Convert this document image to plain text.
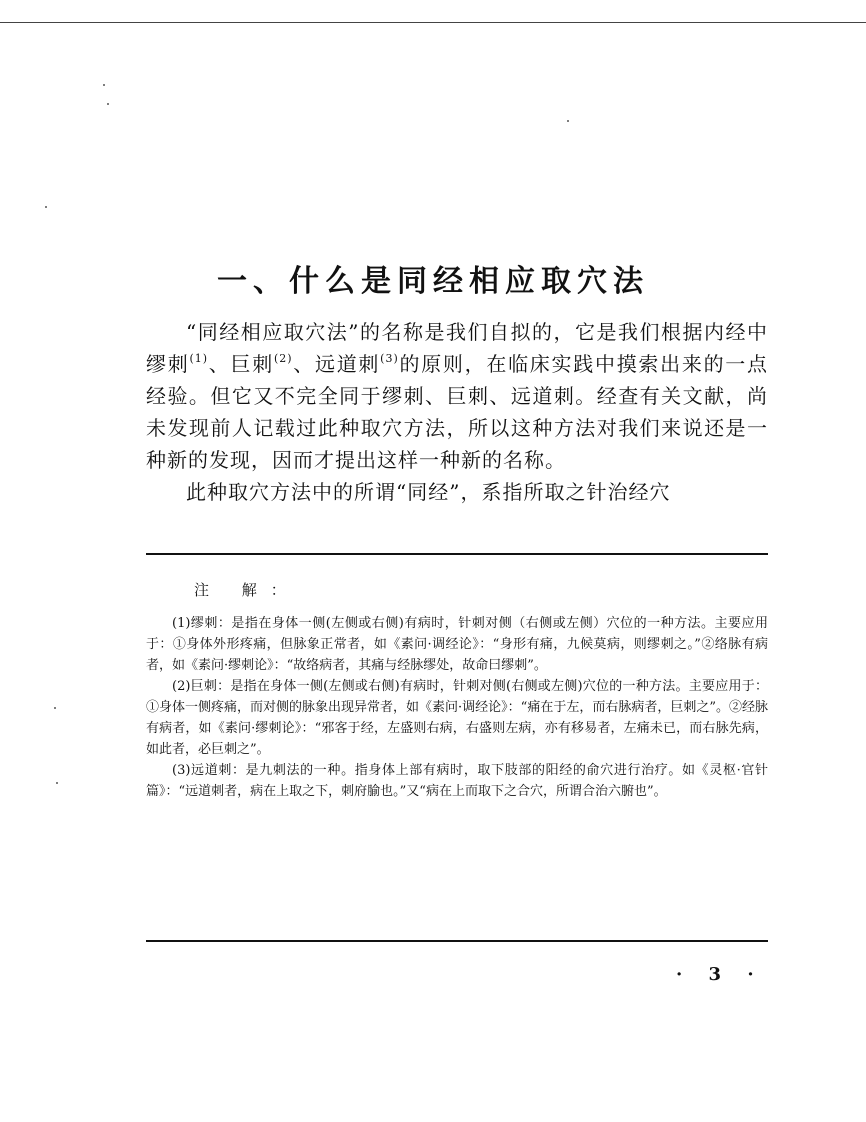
一、什么是同经相应取穴法

“同经相应取穴法”的名称是我们自拟的，它是我们根据内经中缪刺$^{(1)}$、巨刺$^{(2)}$、远道刺$^{(3)}$的原则，在临床实践中摸索出来的一点经验。但它又不完全同于缪刺、巨刺、远道刺。经查有关文献，尚未发现前人记载过此种取穴方法，所以这种方法对我们来说还是一种新的发现，因而才提出这样一种新的名称。

此种取穴方法中的所谓“同经”，系指所取之针治经穴

注 解：

(1)缪刺：是指在身体一侧(左侧或右侧)有病时，针刺对侧（右侧或左侧）穴位的一种方法。主要应用于：①身体外形疼痛，但脉象正常者，如《素问·调经论》：“身形有痛，九候莫病，则缪刺之。”②络脉有病者，如《素问·缪刺论》：“故络病者，其痛与经脉缪处，故命曰缪刺”。

(2)巨刺：是指在身体一侧(左侧或右侧)有病时，针刺对侧(右侧或左侧)穴位的一种方法。主要应用于：①身体一侧疼痛，而对侧的脉象出现异常者，如《素问·调经论》：“痛在于左，而右脉病者，巨刺之”。②经脉有病者，如《素问·缪刺论》：“邪客于经，左盛则右病，右盛则左病，亦有移易者，左痛未已，而右脉先病，如此者，必巨刺之”。

(3)远道刺：是九刺法的一种。指身体上部有病时，取下肢部的阳经的俞穴进行治疗。如《灵枢·官针篇》：“远道刺者，病在上取之下，刺府腧也。”又“病在上而取下之合穴，所谓合治六腑也”。

· 3 ·
